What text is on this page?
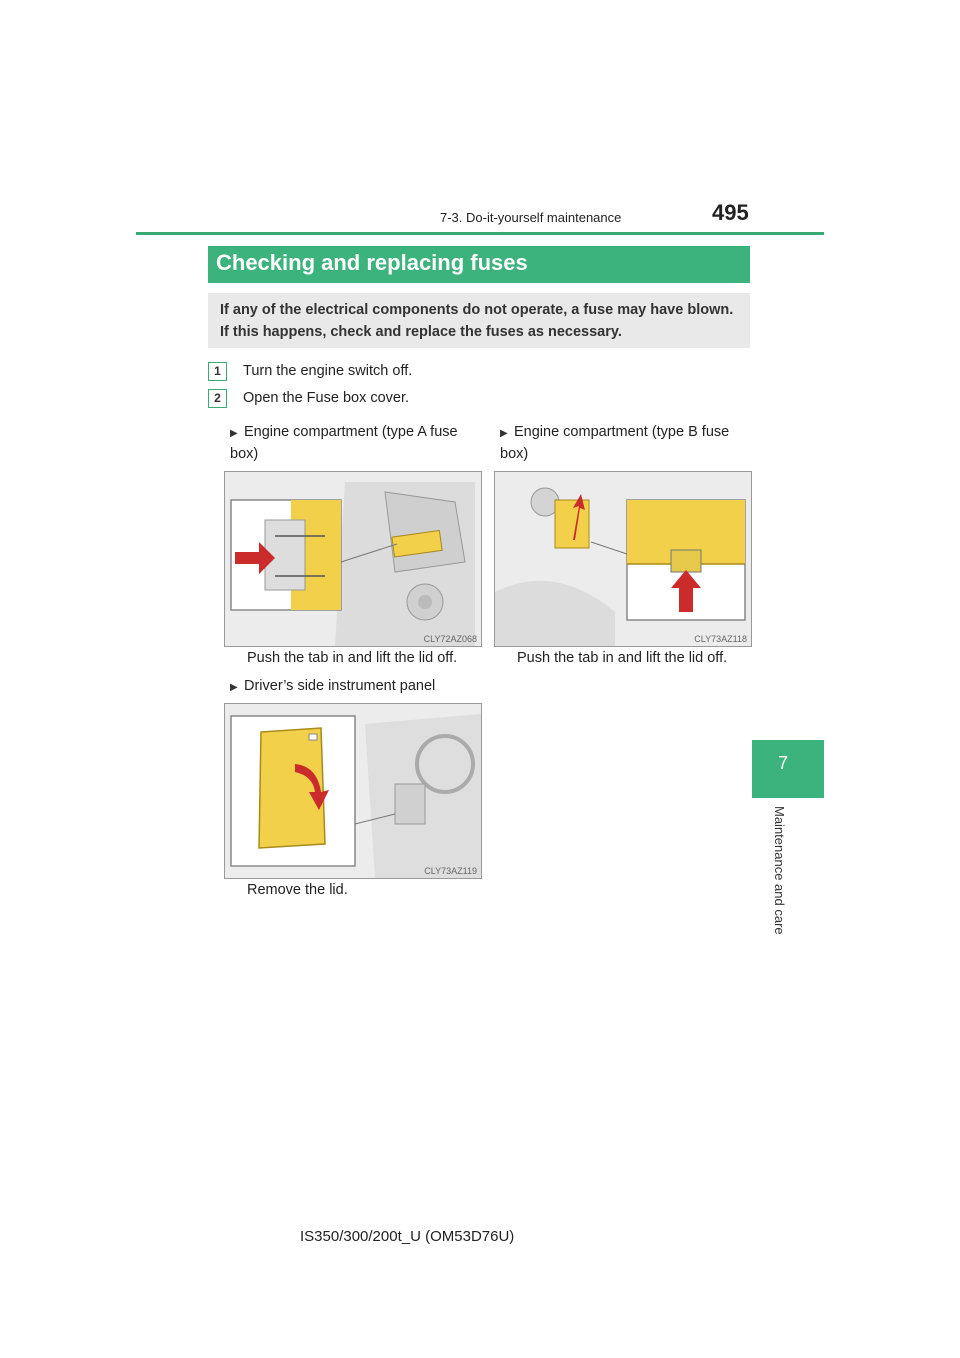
7-3. Do-it-yourself maintenance	495
Checking and replacing fuses
If any of the electrical components do not operate, a fuse may have blown. If this happens, check and replace the fuses as necessary.
1	Turn the engine switch off.
2	Open the Fuse box cover.
▶ Engine compartment (type A fuse box)
CLY72AZ068
Push the tab in and lift the lid off.
▶ Engine compartment (type B fuse box)
CLY73AZ118
Push the tab in and lift the lid off.
▶ Driver’s side instrument panel
CLY73AZ119
Remove the lid.
7
Maintenance and care
IS350/300/200t_U (OM53D76U)
